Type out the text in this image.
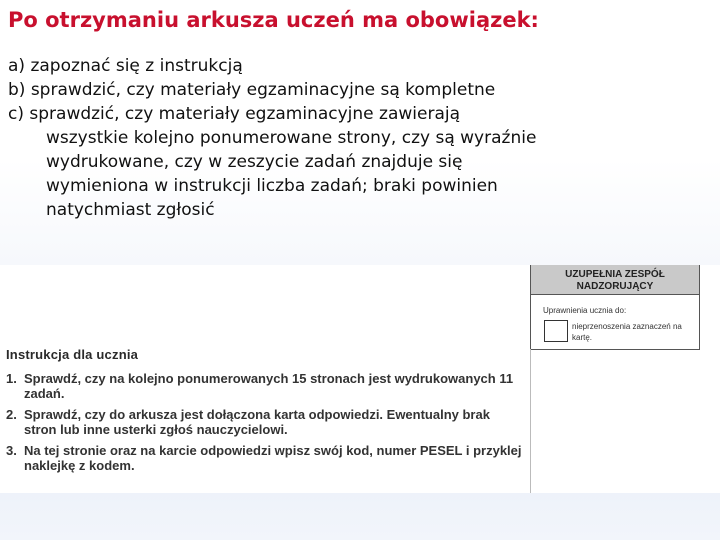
Po otrzymaniu arkusza uczeń ma obowiązek:

a) zapoznać się z instrukcją

b) sprawdzić, czy materiały egzaminacyjne są kompletne

c) sprawdzić, czy materiały egzaminacyjne zawierają
wszystkie kolejno ponumerowane strony, czy są wyraźnie
wydrukowane, czy w zeszycie zadań znajduje się
wymieniona w instrukcji liczba zadań; braki powinien
natychmiast zgłosić

Instrukcja dla ucznia
1. Sprawdź, czy na kolejno ponumerowanych 15 stronach jest wydrukowanych 11 zadań.
2. Sprawdź, czy do arkusza jest dołączona karta odpowiedzi. Ewentualny brak stron lub inne usterki zgłoś nauczycielowi.
3. Na tej stronie oraz na karcie odpowiedzi wpisz swój kod, numer PESEL i przyklej naklejkę z kodem.
UZUPEŁNIA ZESPÓŁ
NADZORUJĄCY
Uprawnienia ucznia do:
nieprzenoszenia zaznaczeń na kartę.
